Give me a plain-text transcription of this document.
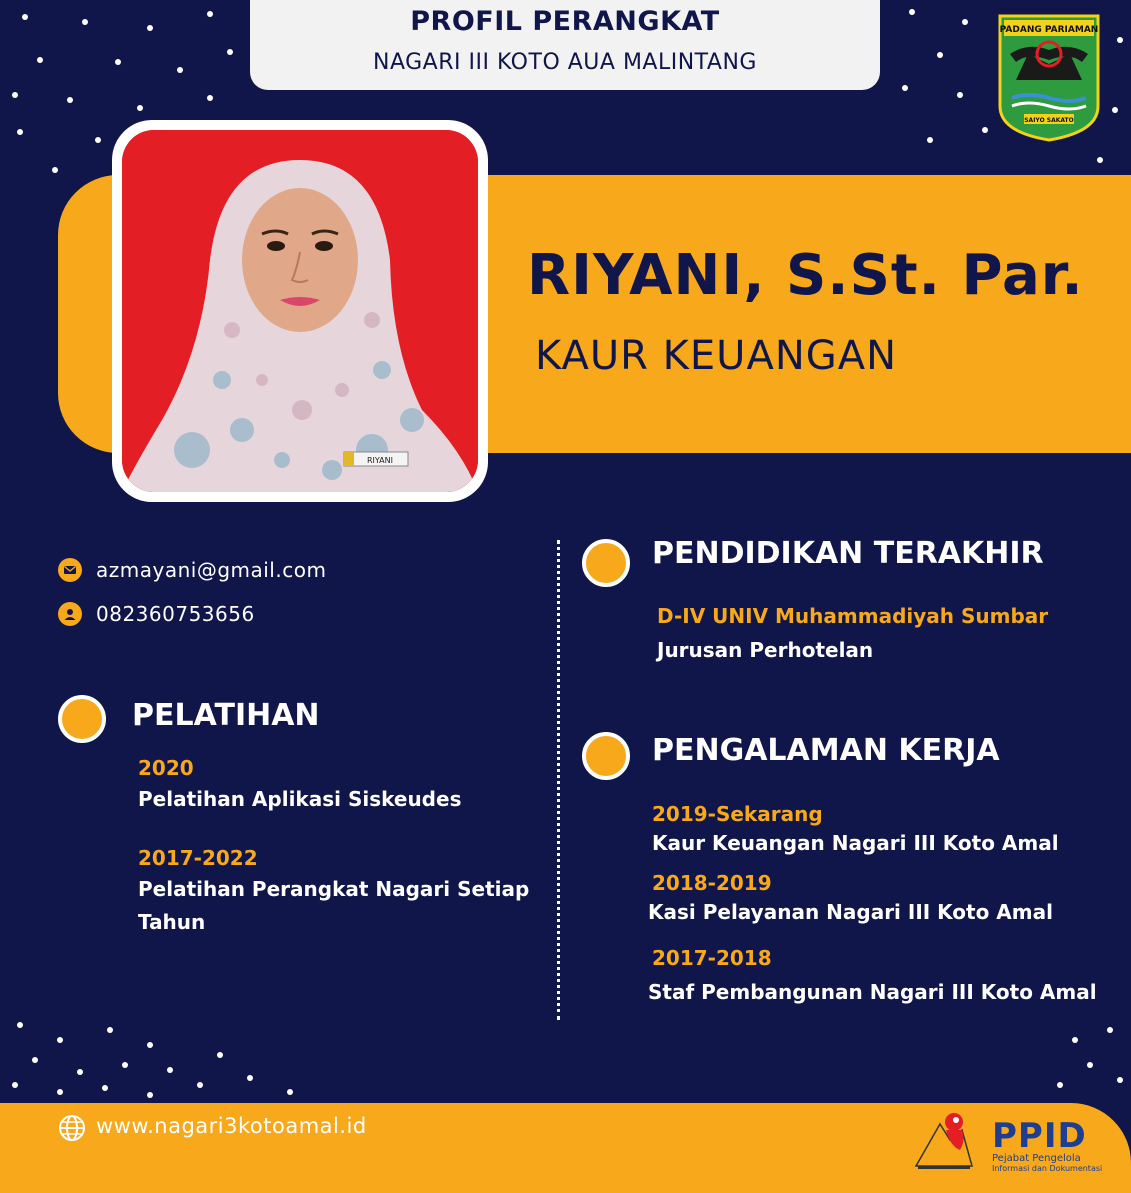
PROFIL PERANGKAT
NAGARI III KOTO AUA MALINTANG
PADANG PARIAMAN
SAIYO SAKATO
RIYANI, S.St. Par.
KAUR KEUANGAN
RIYANI
azmayani@gmail.com
082360753656
PELATIHAN
2020
Pelatihan Aplikasi Siskeudes
2017-2022
Pelatihan Perangkat Nagari Setiap
Tahun
PENDIDIKAN TERAKHIR
D-IV UNIV Muhammadiyah Sumbar
Jurusan Perhotelan
PENGALAMAN KERJA
2019-Sekarang
Kaur Keuangan Nagari III Koto Amal
2018-2019
Kasi Pelayanan Nagari III Koto Amal
2017-2018
Staf Pembangunan Nagari III Koto Amal
www.nagari3kotoamal.id	PPID
Pejabat Pengelola
Informasi dan Dokumentasi
